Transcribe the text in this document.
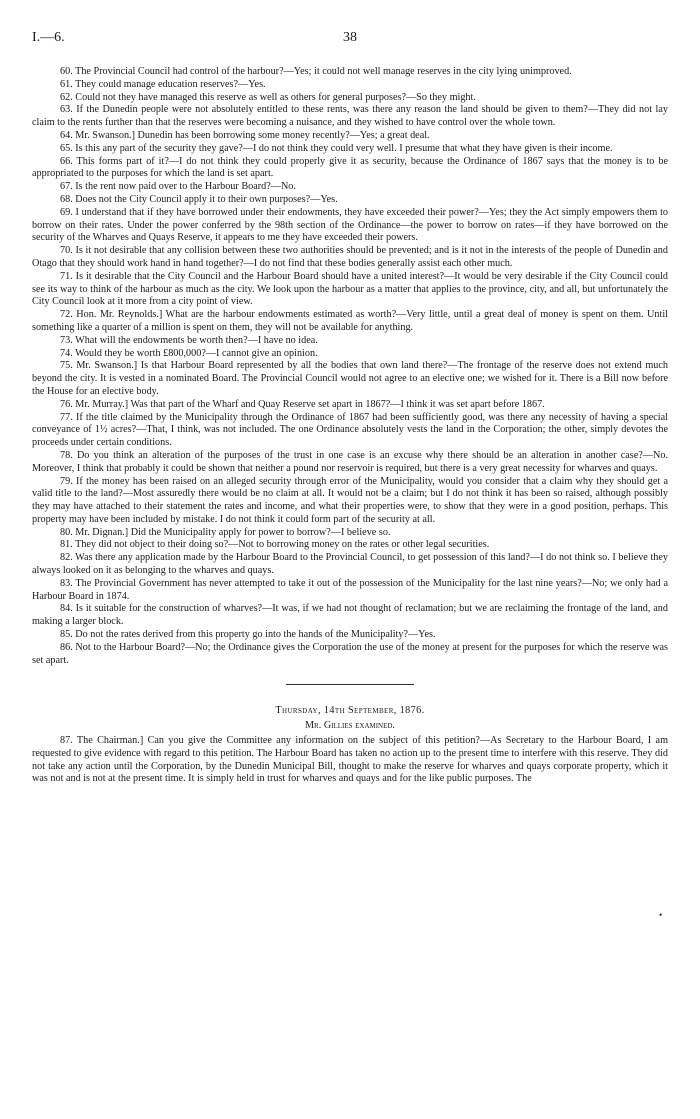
I.—6.	38

60. The Provincial Council had control of the harbour?—Yes; it could not well manage reserves in the city lying unimproved.

61. They could manage education reserves?—Yes.

62. Could not they have managed this reserve as well as others for general purposes?—So they might.

63. If the Dunedin people were not absolutely entitled to these rents, was there any reason the land should be given to them?—They did not lay claim to the rents further than that the reserves were becoming a nuisance, and they wished to have control over the whole town.

64. Mr. Swanson.] Dunedin has been borrowing some money recently?—Yes; a great deal.

65. Is this any part of the security they gave?—I do not think they could very well. I presume that what they have given is their income.

66. This forms part of it?—I do not think they could properly give it as security, because the Ordinance of 1867 says that the money is to be appropriated to the purposes for which the land is set apart.

67. Is the rent now paid over to the Harbour Board?—No.

68. Does not the City Council apply it to their own purposes?—Yes.

69. I understand that if they have borrowed under their endowments, they have exceeded their power?—Yes; they the Act simply empowers them to borrow on their rates. Under the power conferred by the 98th section of the Ordinance—the power to borrow on rates—if they have borrowed on the security of the Wharves and Quays Reserve, it appears to me they have exceeded their powers.

70. Is it not desirable that any collision between these two authorities should be prevented; and is it not in the interests of the people of Dunedin and Otago that they should work hand in hand together?—I do not find that these bodies generally assist each other much.

71. Is it desirable that the City Council and the Harbour Board should have a united interest?—It would be very desirable if the City Council could see its way to think of the harbour as much as the city. We look upon the harbour as a matter that applies to the province, city, and all, but unfortunately the City Council look at it more from a city point of view.

72. Hon. Mr. Reynolds.] What are the harbour endowments estimated as worth?—Very little, until a great deal of money is spent on them. Until something like a quarter of a million is spent on them, they will not be available for anything.

73. What will the endowments be worth then?—I have no idea.

74. Would they be worth £800,000?—I cannot give an opinion.

75. Mr. Swanson.] Is that Harbour Board represented by all the bodies that own land there?—The frontage of the reserve does not extend much beyond the city. It is vested in a nominated Board. The Provincial Council would not agree to an elective one; we wished for it. There is a Bill now before the House for an elective body.

76. Mr. Murray.] Was that part of the Wharf and Quay Reserve set apart in 1867?—I think it was set apart before 1867.

77. If the title claimed by the Municipality through the Ordinance of 1867 had been sufficiently good, was there any necessity of having a special conveyance of 1½ acres?—That, I think, was not included. The one Ordinance absolutely vests the land in the Corporation; the other, simply devotes the proceeds under certain conditions.

78. Do you think an alteration of the purposes of the trust in one case is an excuse why there should be an alteration in another case?—No. Moreover, I think that probably it could be shown that neither a pound nor reservoir is required, but there is a very great necessity for wharves and quays.

79. If the money has been raised on an alleged security through error of the Municipality, would you consider that a claim why they should get a valid title to the land?—Most assuredly there would be no claim at all. It would not be a claim; but I do not think it has been so raised, although possibly they may have attached to their statement the rates and income, and what their properties were, to show that they were in a good position, perhaps. This property may have been included by mistake. I do not think it could form part of the security at all.

80. Mr. Dignan.] Did the Municipality apply for power to borrow?—I believe so.

81. They did not object to their doing so?—Not to borrowing money on the rates or other legal securities.

82. Was there any application made by the Harbour Board to the Provincial Council, to get possession of this land?—I do not think so. I believe they always looked on it as belonging to the wharves and quays.

83. The Provincial Government has never attempted to take it out of the possession of the Municipality for the last nine years?—No; we only had a Harbour Board in 1874.

84. Is it suitable for the construction of wharves?—It was, if we had not thought of reclamation; but we are reclaiming the frontage of the land, and making a larger block.

85. Do not the rates derived from this property go into the hands of the Municipality?—Yes.

86. Not to the Harbour Board?—No; the Ordinance gives the Corporation the use of the money at present for the purposes for which the reserve was set apart.

Thursday, 14th September, 1876.

Mr. Gillies examined.

87. The Chairman.] Can you give the Committee any information on the subject of this petition?—As Secretary to the Harbour Board, I am requested to give evidence with regard to this petition. The Harbour Board has taken no action up to the present time to interfere with this reserve. They did not take any action until the Corporation, by the Dunedin Municipal Bill, thought to make the reserve for wharves and quays corporate property, which it was not and is not at the present time. It is simply held in trust for wharves and quays and for the like public purposes. The

•
